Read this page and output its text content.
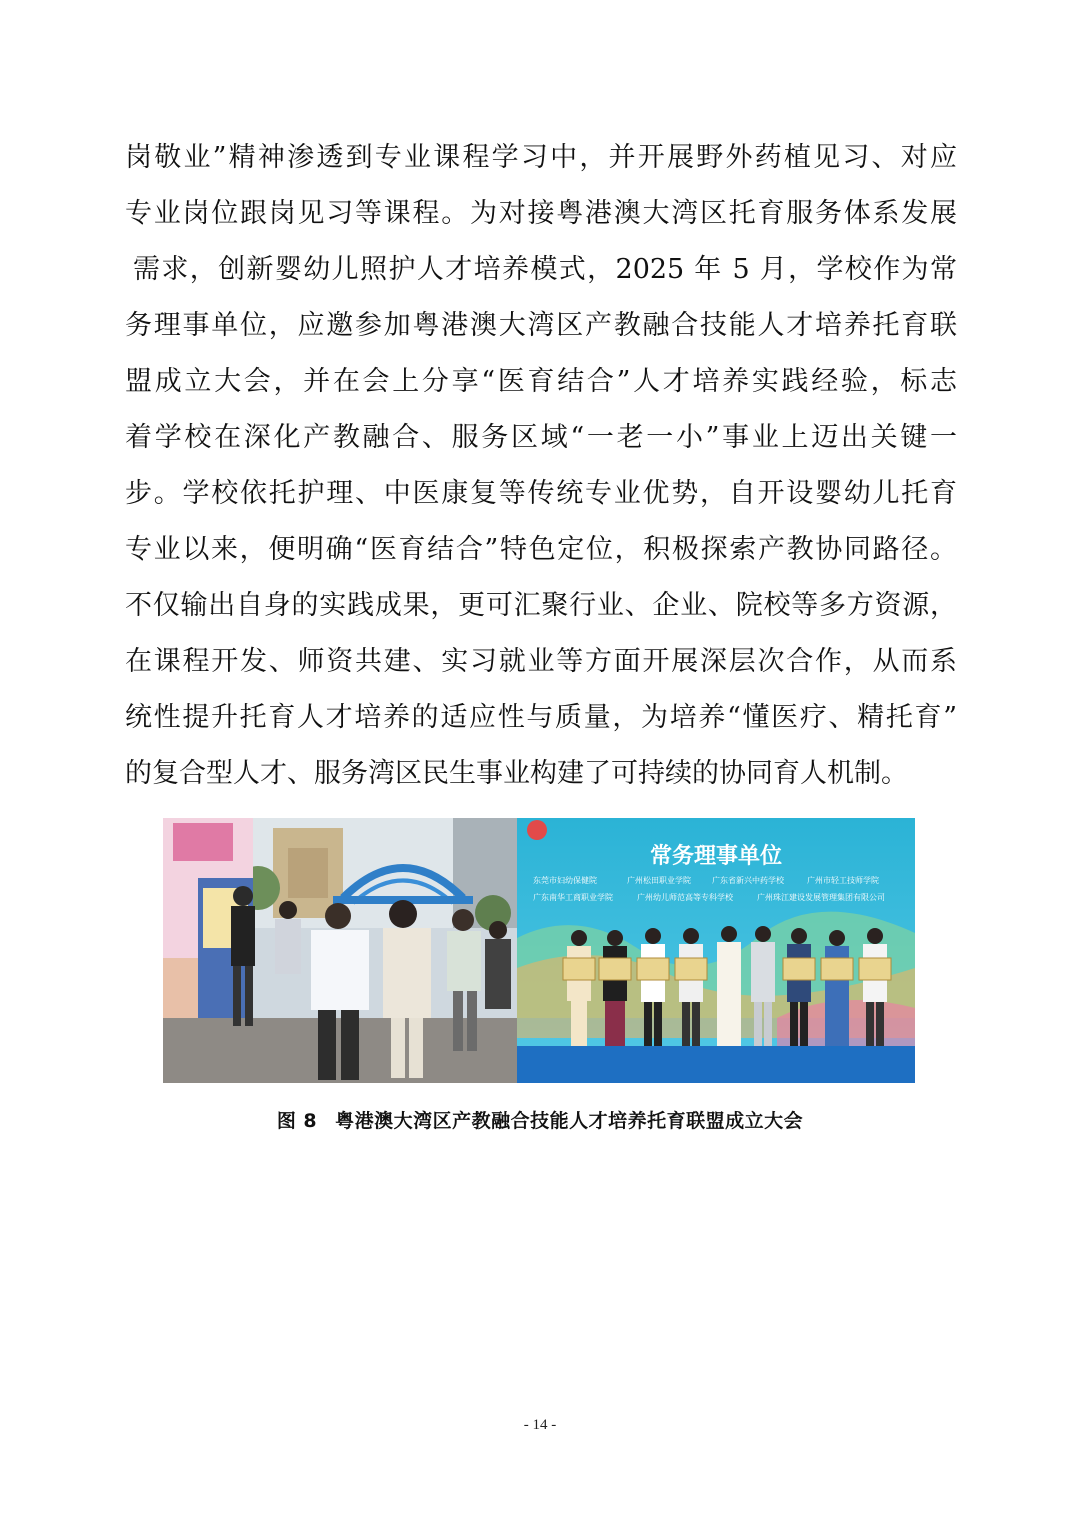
岗敬业”精神渗透到专业课程学习中，并开展野外药植见习、对应
专业岗位跟岗见习等课程。为对接粤港澳大湾区托育服务体系发展
需求，创新婴幼儿照护人才培养模式，2025 年 5 月，学校作为常
务理事单位，应邀参加粤港澳大湾区产教融合技能人才培养托育联
盟成立大会，并在会上分享“医育结合”人才培养实践经验，标志
着学校在深化产教融合、服务区域“一老一小”事业上迈出关键一
步。学校依托护理、中医康复等传统专业优势，自开设婴幼儿托育
专业以来，便明确“医育结合”特色定位，积极探索产教协同路径。
不仅输出自身的实践成果，更可汇聚行业、企业、院校等多方资源，
在课程开发、师资共建、实习就业等方面开展深层次合作，从而系
统性提升托育人才培养的适应性与质量，为培养“懂医疗、精托育”
的复合型人才、服务湾区民生事业构建了可持续的协同育人机制。
常务理事单位
东莞市妇幼保健院	广州松田职业学院	广东省新兴中药学校	广州市轻工技师学院
广东南华工商职业学院	广州幼儿师范高等专科学校	广州珠江建设发展管理集团有限公司
图 8 粤港澳大湾区产教融合技能人才培养托育联盟成立大会
- 14 -
